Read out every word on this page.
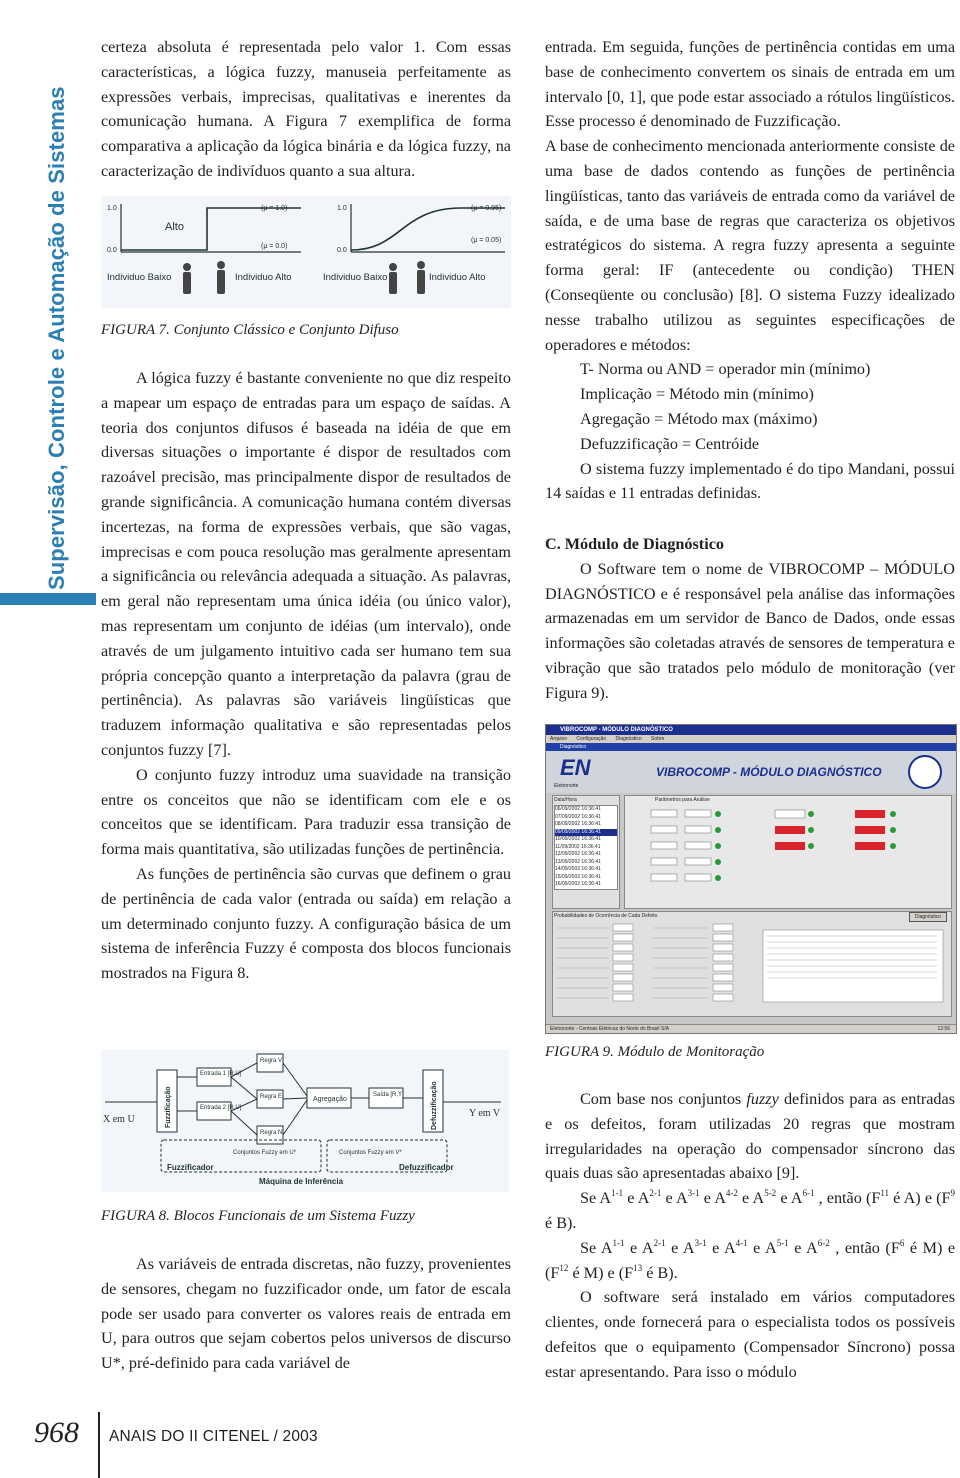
Supervisão, Controle e Automação de Sistemas

certeza absoluta é representada pelo valor 1. Com essas características, a lógica fuzzy, manuseia perfeitamente as expressões verbais, imprecisas, qualitativas e inerentes da comunicação humana. A Figura 7 exemplifica de forma comparativa a aplicação da lógica binária e da lógica fuzzy, na caracterização de indivíduos quanto a sua altura.

1.0
0.0
Alto
(μ = 1.0)
(μ = 0.0)
1.0
0.0
(μ = 0.95)
(μ = 0.05)
Individuo Baixo	Individuo Alto	Individuo Baixo	Individuo Alto

FIGURA 7. Conjunto Clássico e Conjunto Difuso

A lógica fuzzy é bastante conveniente no que diz respeito a mapear um espaço de entradas para um espaço de saídas. A teoria dos conjuntos difusos é baseada na idéia de que em diversas situações o importante é dispor de resultados com razoável precisão, mas principalmente dispor de resultados de grande significância. A comunicação humana contém diversas incertezas, na forma de expressões verbais, que são vagas, imprecisas e com pouca resolução mas geralmente apresentam a significância ou relevância adequada a situação. As palavras, em geral não representam uma única idéia (ou único valor), mas representam um conjunto de idéias (um intervalo), onde através de um julgamento intuitivo cada ser humano tem sua própria concepção quanto a interpretação da palavra (grau de pertinência). As palavras são variáveis lingüísticas que traduzem informação qualitativa e são representadas pelos conjuntos fuzzy [7].

O conjunto fuzzy introduz uma suavidade na transição entre os conceitos que não se identificam com ele e os conceitos que se identificam. Para traduzir essa transição de forma mais quantitativa, são utilizadas funções de pertinência.

As funções de pertinência são curvas que definem o grau de pertinência de cada valor (entrada ou saída) em relação a um determinado conjunto fuzzy. A configuração básica de um sistema de inferência Fuzzy é composta dos blocos funcionais mostrados na Figura 8.

Fuzzificação
Entrada 1 [R,U]
Entrada 2 [R,U]
Regra V
Regra E
Regra N
Agregação
Saída [R,Y]	Defuzzificação
X em U
Y em V
Conjuntos Fuzzy em U*	Conjuntos Fuzzy em V*
Fuzzificador
Máquina de Inferência
Defuzzificador

FIGURA 8. Blocos Funcionais de um Sistema Fuzzy

As variáveis de entrada discretas, não fuzzy, provenientes de sensores, chegam no fuzzificador onde, um fator de escala pode ser usado para converter os valores reais de entrada em U, para outros que sejam cobertos pelos universos de discurso U*, pré-definido para cada variável de

entrada. Em seguida, funções de pertinência contidas em uma base de conhecimento convertem os sinais de entrada em um intervalo [0, 1], que pode estar associado a rótulos lingüísticos. Esse processo é denominado de Fuzzificação.

A base de conhecimento mencionada anteriormente consiste de uma base de dados contendo as funções de pertinência lingüísticas, tanto das variáveis de entrada como da variável de saída, e de uma base de regras que caracteriza os objetivos estratégicos do sistema. A regra fuzzy apresenta a seguinte forma geral: IF (antecedente ou condição) THEN (Conseqüente ou conclusão) [8]. O sistema Fuzzy idealizado nesse trabalho utilizou as seguintes especificações de operadores e métodos:

T- Norma ou AND = operador min (mínimo)

Implicação = Método min (mínimo)

Agregação = Método max (máximo)

Defuzzificação = Centróide

O sistema fuzzy implementado é do tipo Mandani, possui 14 saídas e 11 entradas definidas.

C. Módulo de Diagnóstico

O Software tem o nome de VIBROCOMP – MÓDULO DIAGNÓSTICO e é responsável pela análise das informações armazenadas em um servidor de Banco de Dados, onde essas informações são coletadas através de sensores de temperatura e vibração que são tratados pelo módulo de monitoração (ver Figura 9).

VIBROCOMP - MÓDULO DIAGNÓSTICO
Arquivo Configuração Diagnóstico Sobre
Diagnóstico
EN
Eletronorte
VIBROCOMP - MÓDULO DIAGNÓSTICO
Data/Hora
06/09/2002 16:36:41
07/09/2002 16:36:41
08/09/2002 16:36:41
09/09/2002 16:36:41
10/09/2002 16:36:41
11/09/2002 16:36:41
12/09/2002 16:36:41
13/09/2002 16:36:41
14/09/2002 16:36:41
15/09/2002 16:36:41
16/09/2002 16:36:41
Parâmetros para Análise
Probabilidades de Ocorrência de Cada Defeito	Diagnóstico
Eletronorte - Centrais Elétricas do Norte do Brasil S/A	12:56

FIGURA 9. Módulo de Monitoração

Com base nos conjuntos fuzzy definidos para as entradas e os defeitos, foram utilizadas 20 regras que mostram irregularidades na operação do compensador síncrono das quais duas são apresentadas abaixo [9].

Se $A^{1-1}$ e $A^{2-1}$ e $A^{3-1}$ e $A^{4-2}$ e $A^{5-2}$ e $A^{6-1}$ , então ($F^{11}$ é A) e ($F^9$ é B).

Se $A^{1-1}$ e $A^{2-1}$ e $A^{3-1}$ e $A^{4-1}$ e $A^{5-1}$ e $A^{6-2}$ , então ($F^6$ é M) e ($F^{12}$ é M) e ($F^{13}$ é B).

O software será instalado em vários computadores clientes, onde fornecerá para o especialista todos os possíveis defeitos que o equipamento (Compensador Síncrono) possa estar apresentando. Para isso o módulo

968 ANAIS DO II CITENEL / 2003
